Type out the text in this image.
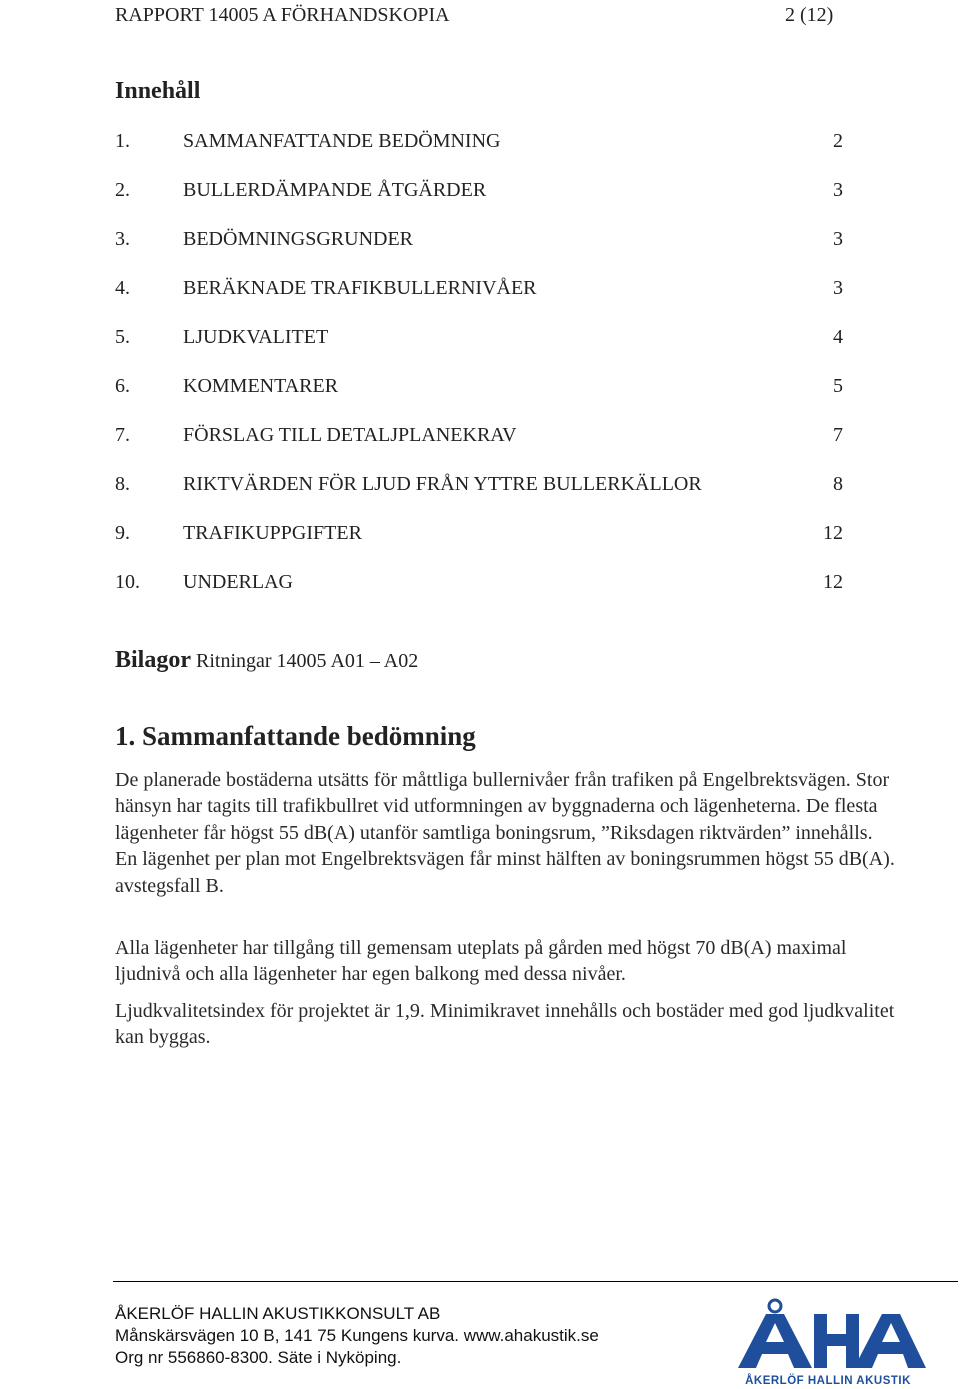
RAPPORT 14005 A FÖRHANDSKOPIA	2 (12)
Innehåll
1.	SAMMANFATTANDE BEDÖMNING	2
2.	BULLERDÄMPANDE ÅTGÄRDER	3
3.	BEDÖMNINGSGRUNDER	3
4.	BERÄKNADE TRAFIKBULLERNIVÅER	3
5.	LJUDKVALITET	4
6.	KOMMENTARER	5
7.	FÖRSLAG TILL DETALJPLANEKRAV	7
8.	RIKTVÄRDEN FÖR LJUD FRÅN YTTRE BULLERKÄLLOR	8
9.	TRAFIKUPPGIFTER	12
10. UNDERLAG	12
Bilagor Ritningar 14005 A01 – A02
1. Sammanfattande bedömning

De planerade bostäderna utsätts för måttliga bullernivåer från trafiken på Engelbrektsvägen. Stor hänsyn har tagits till trafikbullret vid utformningen av byggnaderna och lägenheterna. De flesta lägenheter får högst 55 dB(A) utanför samtliga boningsrum, ”Riksdagen riktvärden” innehålls. En lägenhet per plan mot Engelbrektsvägen får minst hälften av boningsrummen högst 55 dB(A). avstegsfall B.

Alla lägenheter har tillgång till gemensam uteplats på gården med högst 70 dB(A) maximal ljudnivå och alla lägenheter har egen balkong med dessa nivåer.

Ljudkvalitetsindex för projektet är 1,9. Minimikravet innehålls och bostäder med god ljudkvalitet kan byggas.

ÅKERLÖF HALLIN AKUSTIKKONSULT AB
Månskärsvägen 10 B, 141 75 Kungens kurva. www.ahakustik.se
Org nr 556860-8300. Säte i Nyköping.
ÅKERLÖF HALLIN AKUSTIK
